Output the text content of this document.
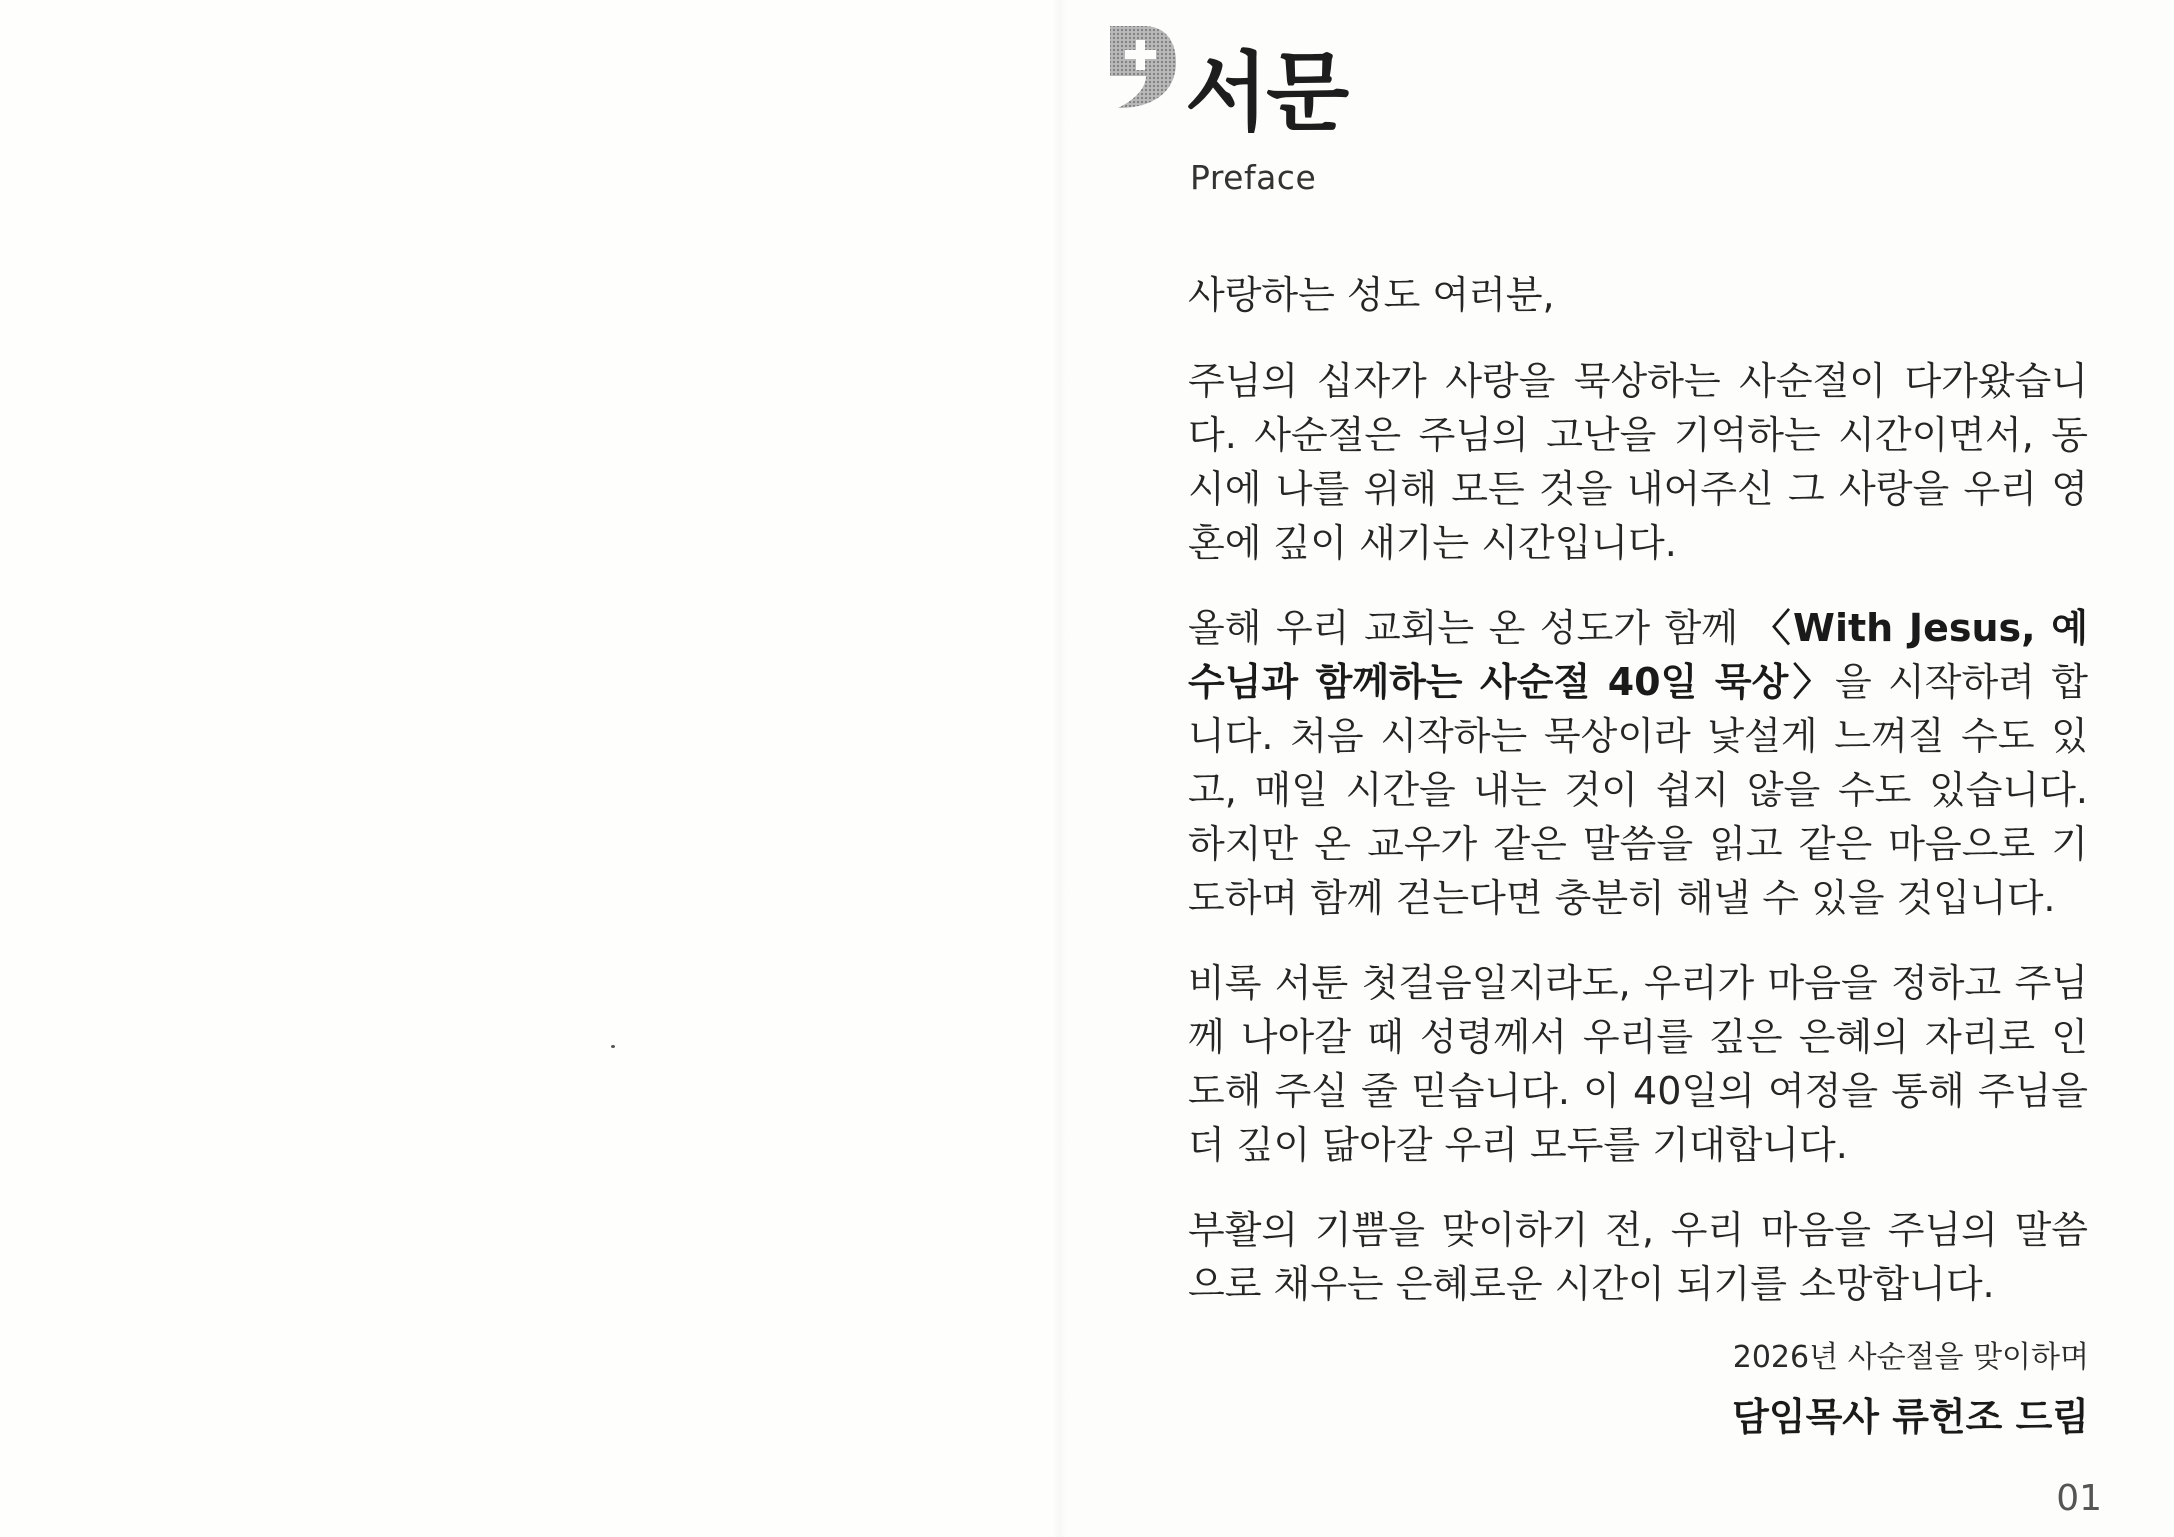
서문
Preface

사랑하는 성도 여러분,

주님의 십자가 사랑을 묵상하는 사순절이 다가왔습니다. 사순절은 주님의 고난을 기억하는 시간이면서, 동시에 나를 위해 모든 것을 내어주신 그 사랑을 우리 영혼에 깊이 새기는 시간입니다.

올해 우리 교회는 온 성도가 함께 〈With Jesus, 예수님과 함께하는 사순절 40일 묵상〉을 시작하려 합니다. 처음 시작하는 묵상이라 낯설게 느껴질 수도 있고, 매일 시간을 내는 것이 쉽지 않을 수도 있습니다. 하지만 온 교우가 같은 말씀을 읽고 같은 마음으로 기도하며 함께 걷는다면 충분히 해낼 수 있을 것입니다.

비록 서툰 첫걸음일지라도, 우리가 마음을 정하고 주님께 나아갈 때 성령께서 우리를 깊은 은혜의 자리로 인도해 주실 줄 믿습니다. 이 40일의 여정을 통해 주님을 더 깊이 닮아갈 우리 모두를 기대합니다.

부활의 기쁨을 맞이하기 전, 우리 마음을 주님의 말씀으로 채우는 은혜로운 시간이 되기를 소망합니다.

2026년 사순절을 맞이하며
담임목사 류헌조 드림
01
